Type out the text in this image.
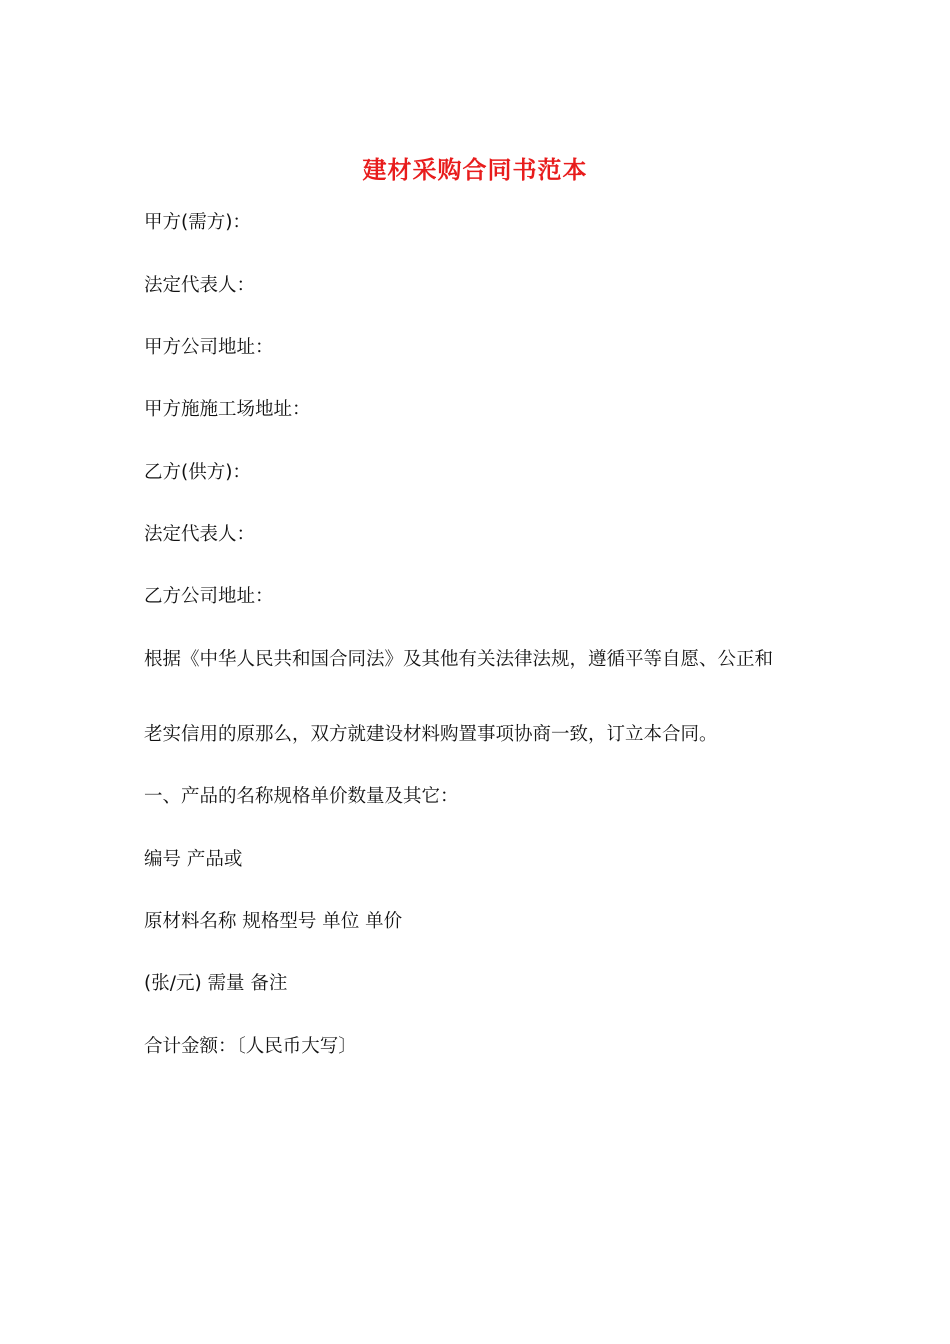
建材采购合同书范本
甲方(需方)：
法定代表人：
甲方公司地址：
甲方施施工场地址：
乙方(供方)：
法定代表人：
乙方公司地址：
根据《中华人民共和国合同法》及其他有关法律法规，遵循平等自愿、公正和
老实信用的原那么，双方就建设材料购置事项协商一致，订立本合同。
一、产品的名称规格单价数量及其它：
编号 产品或
原材料名称 规格型号 单位 单价
(张/元) 需量 备注
合计金额：〔人民币大写〕
